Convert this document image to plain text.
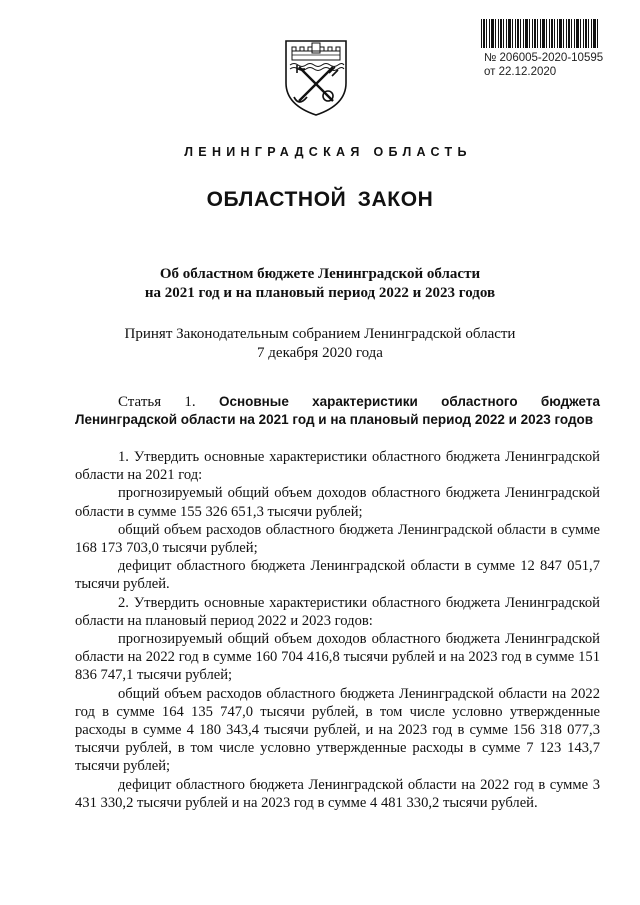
№ 206005-2020-10595
от 22.12.2020
ЛЕНИНГРАДСКАЯ ОБЛАСТЬ
ОБЛАСТНОЙ ЗАКОН
Об областном бюджете Ленинградской области
на 2021 год и на плановый период 2022 и 2023 годов
Принят Законодательным собранием Ленинградской области
7 декабря 2020 года
Статья 1. Основные характеристики областного бюджета Ленинградской области на 2021 год и на плановый период 2022 и 2023 годов

1. Утвердить основные характеристики областного бюджета Ленинградской области на 2021 год:

прогнозируемый общий объем доходов областного бюджета Ленинградской области в сумме 155 326 651,3 тысячи рублей;

общий объем расходов областного бюджета Ленинградской области в сумме 168 173 703,0 тысячи рублей;

дефицит областного бюджета Ленинградской области в сумме 12 847 051,7 тысячи рублей.

2. Утвердить основные характеристики областного бюджета Ленинградской области на плановый период 2022 и 2023 годов:

прогнозируемый общий объем доходов областного бюджета Ленинградской области на 2022 год в сумме 160 704 416,8 тысячи рублей и на 2023 год в сумме 151 836 747,1 тысячи рублей;

общий объем расходов областного бюджета Ленинградской области на 2022 год в сумме 164 135 747,0 тысячи рублей, в том числе условно утвержденные расходы в сумме 4 180 343,4 тысячи рублей, и на 2023 год в сумме 156 318 077,3 тысячи рублей, в том числе условно утвержденные расходы в сумме 7 123 143,7 тысячи рублей;

дефицит областного бюджета Ленинградской области на 2022 год в сумме 3 431 330,2 тысячи рублей и на 2023 год в сумме 4 481 330,2 тысячи рублей.
